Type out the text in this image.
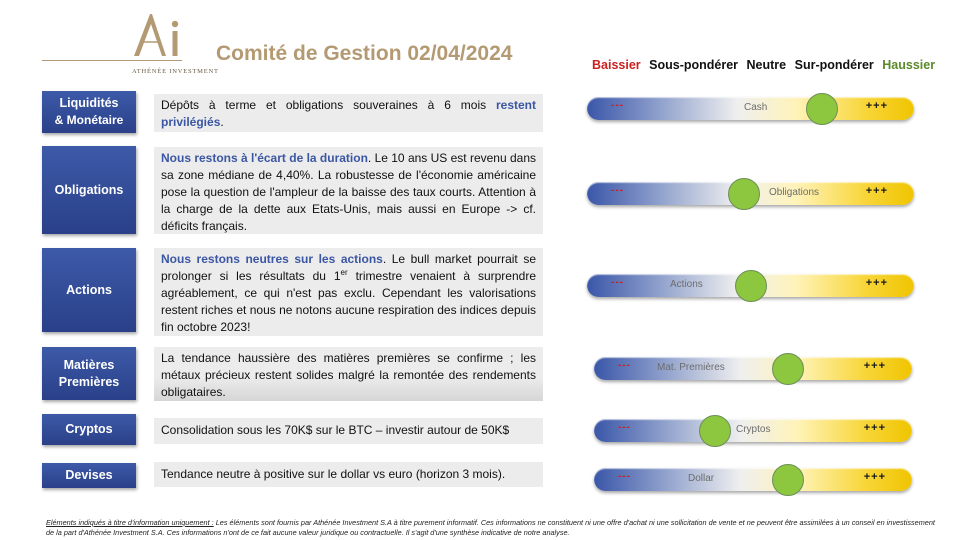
ATHÉNÉE INVESTMENT
Comité de Gestion 02/04/2024	Baissier Sous-pondérer Neutre Sur-pondérer Haussier
Liquidités
& Monétaire
Dépôts à terme et obligations souveraines à 6 mois restent privilégiés.
---	Cash	+++
Obligations
Nous restons à l'écart de la duration. Le 10 ans US est revenu dans sa zone médiane de 4,40%. La robustesse de l'économie américaine pose la question de l'ampleur de la baisse des taux courts. Attention à la charge de la dette aux Etats-Unis, mais aussi en Europe -> cf. déficits français.
---	Obligations	+++
Actions
Nous restons neutres sur les actions. Le bull market pourrait se prolonger si les résultats du 1er trimestre venaient à surprendre agréablement, ce qui n'est pas exclu. Cependant les valorisations restent riches et nous ne notons aucune respiration des indices depuis fin octobre 2023!
---	Actions	+++
Matières
Premières
La tendance haussière des matières premières se confirme ; les métaux précieux restent solides malgré la remontée des rendements obligataires.
---	Mat. Premières	+++
Cryptos	Consolidation sous les 70K$ sur le BTC – investir autour de 50K$	---	Cryptos	+++
Devises	Tendance neutre à positive sur le dollar vs euro (horizon 3 mois).	---	Dollar	+++
Eléments indiqués à titre d'information uniquement : Les éléments sont fournis par Athénée Investment S.A à titre purement informatif. Ces informations ne constituent ni une offre d'achat ni une sollicitation de vente et ne peuvent être assimilées à un conseil en investissement de la part d'Athénée Investment S.A. Ces informations n'ont de ce fait aucune valeur juridique ou contractuelle. Il s'agit d'une synthèse indicative de notre analyse.
